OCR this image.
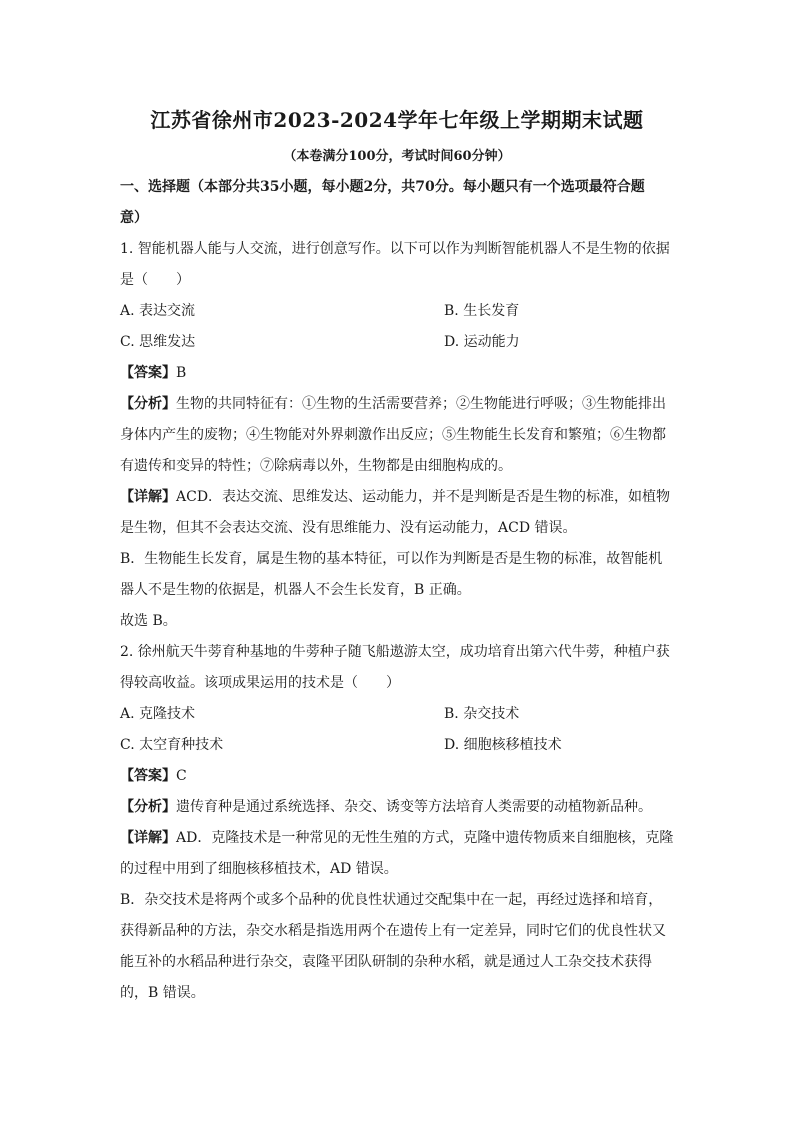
江苏省徐州市2023-2024学年七年级上学期期末试题
（本卷满分100分，考试时间60分钟）
一、选择题（本部分共35小题，每小题2分，共70分。每小题只有一个选项最符合题
意）
1. 智能机器人能与人交流，进行创意写作。以下可以作为判断智能机器人不是生物的依据
是（　　）
A. 表达交流	B. 生长发育
C. 思维发达	D. 运动能力
【答案】B
【分析】生物的共同特征有：①生物的生活需要营养；②生物能进行呼吸；③生物能排出
身体内产生的废物；④生物能对外界刺激作出反应；⑤生物能生长发育和繁殖；⑥生物都
有遗传和变异的特性；⑦除病毒以外，生物都是由细胞构成的。
【详解】ACD．表达交流、思维发达、运动能力，并不是判断是否是生物的标准，如植物
是生物，但其不会表达交流、没有思维能力、没有运动能力，ACD 错误。
B．生物能生长发育，属是生物的基本特征，可以作为判断是否是生物的标准，故智能机
器人不是生物的依据是，机器人不会生长发育，B 正确。
故选 B。
2. 徐州航天牛蒡育种基地的牛蒡种子随飞船遨游太空，成功培育出第六代牛蒡，种植户获
得较高收益。该项成果运用的技术是（　　）
A. 克隆技术	B. 杂交技术
C. 太空育种技术	D. 细胞核移植技术
【答案】C
【分析】遗传育种是通过系统选择、杂交、诱变等方法培育人类需要的动植物新品种。
【详解】AD．克隆技术是一种常见的无性生殖的方式，克隆中遗传物质来自细胞核，克隆
的过程中用到了细胞核移植技术，AD 错误。
B．杂交技术是将两个或多个品种的优良性状通过交配集中在一起，再经过选择和培育，
获得新品种的方法，杂交水稻是指选用两个在遗传上有一定差异，同时它们的优良性状又
能互补的水稻品种进行杂交，袁隆平团队研制的杂种水稻，就是通过人工杂交技术获得
的，B 错误。
